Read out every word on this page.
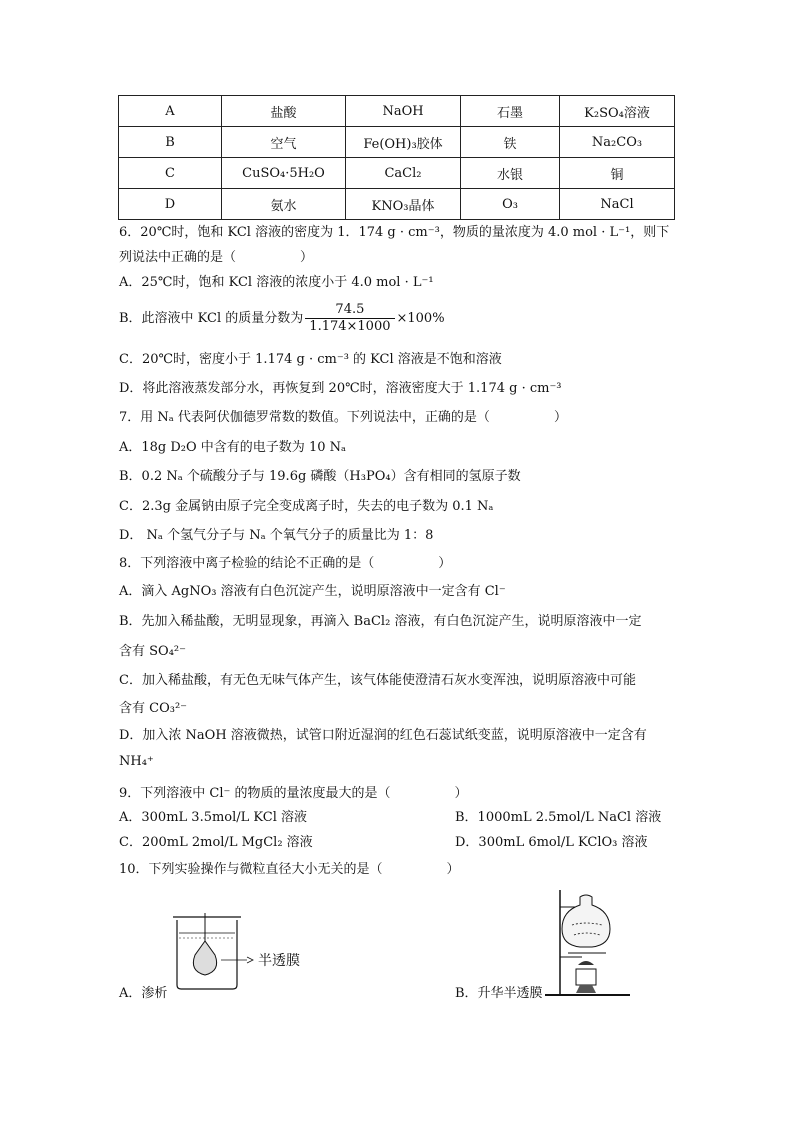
A	盐酸	NaOH	石墨	K₂SO₄溶液
B	空气	Fe(OH)₃胶体	铁	Na₂CO₃
C	CuSO₄·5H₂O	CaCl₂	水银	铜
D	氨水	KNO₃晶体	O₃	NaCl
6．20℃时，饱和 KCl 溶液的密度为 1．174 g · cm⁻³，物质的量浓度为 4.0 mol · L⁻¹，则下
列说法中正确的是（	）
A．25℃时，饱和 KCl 溶液的浓度小于 4.0 mol · L⁻¹
B．此溶液中 KCl 的质量分数为 $\frac{74.5}{1.174\times 1000} \times 100\%$
C．20℃时，密度小于 1.174 g · cm⁻³ 的 KCl 溶液是不饱和溶液
D．将此溶液蒸发部分水，再恢复到 20℃时，溶液密度大于 1.174 g · cm⁻³
7．用 Nₐ 代表阿伏伽德罗常数的数值。下列说法中，正确的是（	）
A．18g D₂O 中含有的电子数为 10 Nₐ
B．0.2 Nₐ 个硫酸分子与 19.6g 磷酸（H₃PO₄）含有相同的氢原子数
C．2.3g 金属钠由原子完全变成离子时，失去的电子数为 0.1 Nₐ
D． Nₐ 个氢气分子与 Nₐ 个氧气分子的质量比为 1：8
8．下列溶液中离子检验的结论不正确的是（	）
A．滴入 AgNO₃ 溶液有白色沉淀产生，说明原溶液中一定含有 Cl⁻
B．先加入稀盐酸，无明显现象，再滴入 BaCl₂ 溶液，有白色沉淀产生，说明原溶液中一定
含有 SO₄²⁻
C．加入稀盐酸，有无色无味气体产生，该气体能使澄清石灰水变浑浊，说明原溶液中可能
含有 CO₃²⁻
D．加入浓 NaOH 溶液微热，试管口附近湿润的红色石蕊试纸变蓝，说明原溶液中一定含有
NH₄⁺
9．下列溶液中 Cl⁻ 的物质的量浓度最大的是（	）
A．300mL 3.5mol/L KCl 溶液	B．1000mL 2.5mol/L NaCl 溶液
C．200mL 2mol/L MgCl₂ 溶液	D．300mL 6mol/L KClO₃ 溶液
10．下列实验操作与微粒直径大小无关的是（	）
半透膜
A．渗析	B．升华半透膜
